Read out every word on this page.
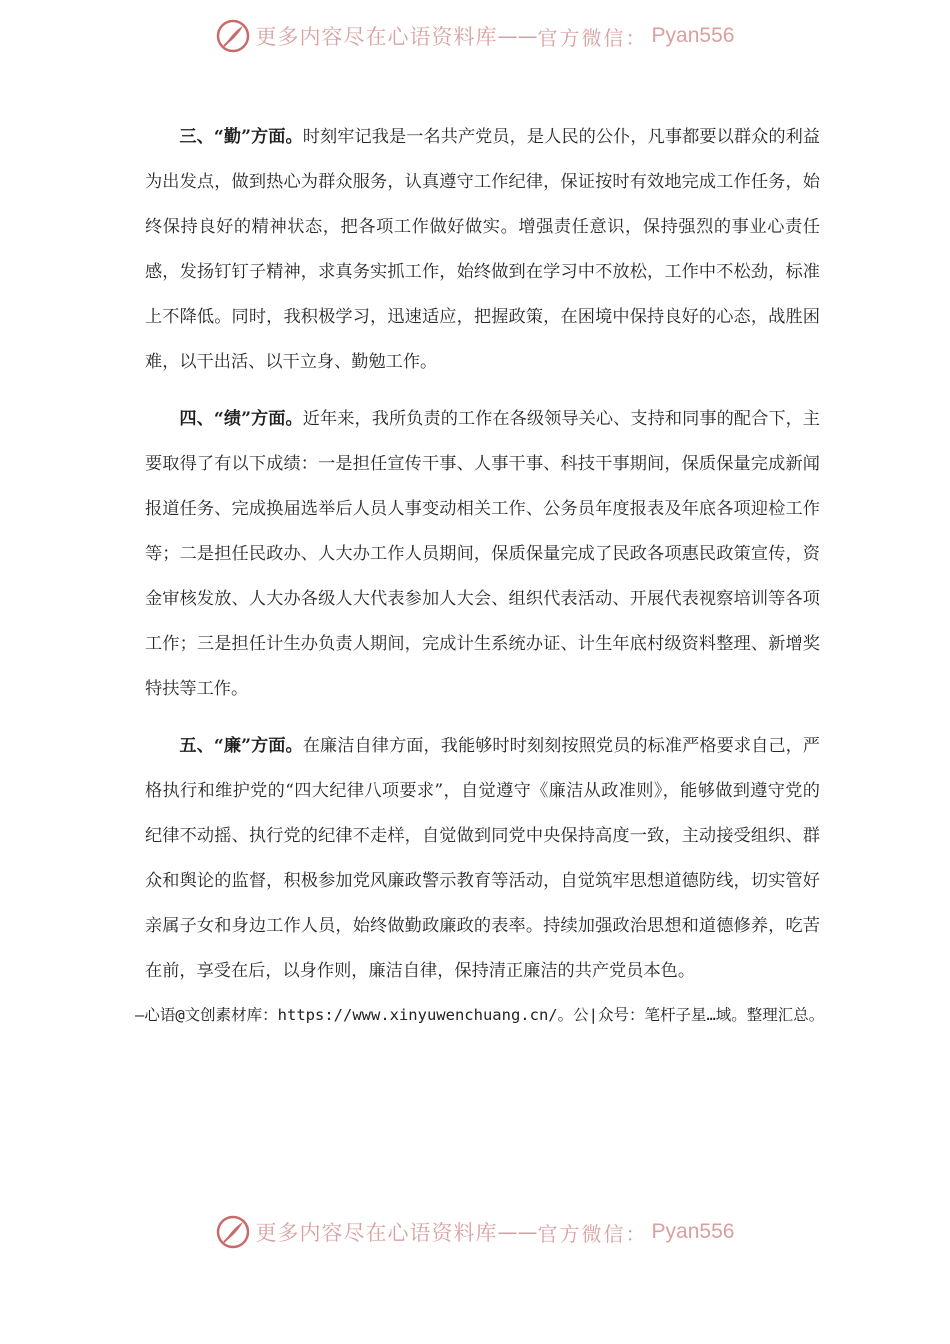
更多内容尽在心语资料库 —— 官方微信： Pyan556

三、“勤”方面。时刻牢记我是一名共产党员，是人民的公仆，凡事都要以群众的利益为出发点，做到热心为群众服务，认真遵守工作纪律，保证按时有效地完成工作任务，始终保持良好的精神状态，把各项工作做好做实。增强责任意识，保持强烈的事业心责任感，发扬钉钉子精神，求真务实抓工作，始终做到在学习中不放松，工作中不松劲，标准上不降低。同时，我积极学习，迅速适应，把握政策，在困境中保持良好的心态，战胜困难，以干出活、以干立身、勤勉工作。

四、“绩”方面。近年来，我所负责的工作在各级领导关心、支持和同事的配合下，主要取得了有以下成绩：一是担任宣传干事、人事干事、科技干事期间，保质保量完成新闻报道任务、完成换届选举后人员人事变动相关工作、公务员年度报表及年底各项迎检工作等；二是担任民政办、人大办工作人员期间，保质保量完成了民政各项惠民政策宣传，资金审核发放、人大办各级人大代表参加人大会、组织代表活动、开展代表视察培训等各项工作；三是担任计生办负责人期间，完成计生系统办证、计生年底村级资料整理、新增奖特扶等工作。

五、“廉”方面。在廉洁自律方面，我能够时时刻刻按照党员的标准严格要求自己，严格执行和维护党的“四大纪律八项要求”，自觉遵守《廉洁从政准则》，能够做到遵守党的纪律不动摇、执行党的纪律不走样，自觉做到同党中央保持高度一致，主动接受组织、群众和舆论的监督，积极参加党风廉政警示教育等活动，自觉筑牢思想道德防线，切实管好亲属子女和身边工作人员，始终做勤政廉政的表率。持续加强政治思想和道德修养，吃苦在前，享受在后，以身作则，廉洁自律，保持清正廉洁的共产党员本色。

—心语@文创素材库：https://www.xinyuwenchuang.cn/。公|众号：笔杆子星…域。整理汇总。
更多内容尽在心语资料库 —— 官方微信： Pyan556
